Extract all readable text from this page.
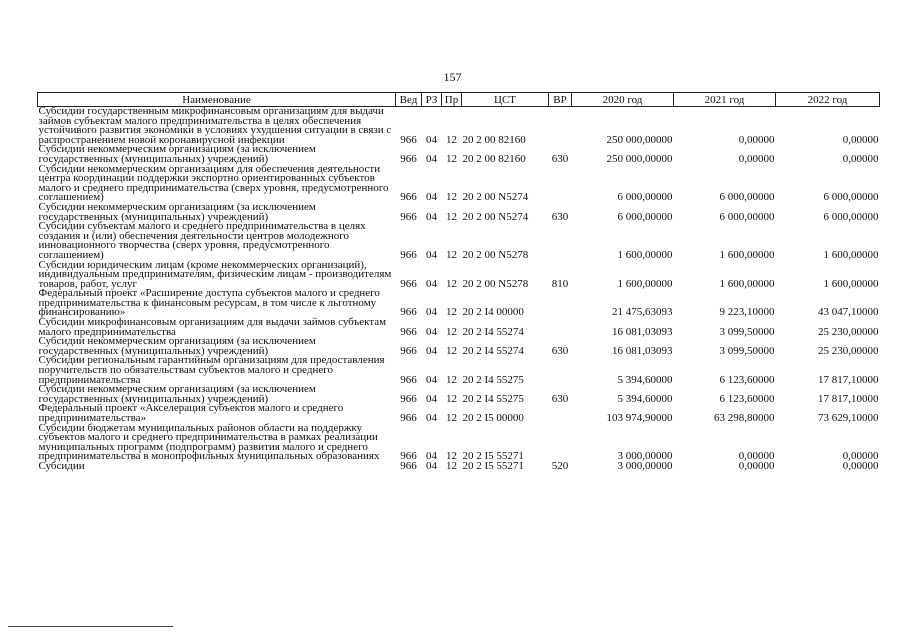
157
Наименование	Вед	РЗ	Пр	ЦСТ	ВР	2020 год	2021 год	2022 год
Субсидии государственным микрофинансовым организациям для выдачи займов субъектам малого предпринимательства в целях обеспечения устойчивого развития экономики в условиях ухудшения ситуации в связи с распространением новой коронавирусной инфекции	966	04	12	20 2 00 82160		250 000,00000	0,00000	0,00000
Субсидии некоммерческим организациям (за исключением государственных (муниципальных) учреждений)	966	04	12	20 2 00 82160	630	250 000,00000	0,00000	0,00000
Субсидии некоммерческим организациям для обеспечения деятельности центра координации поддержки экспортно ориентированных субъектов малого и среднего предпринимательства (сверх уровня, предусмотренного соглашением)	966	04	12	20 2 00 N5274		6 000,00000	6 000,00000	6 000,00000
Субсидии некоммерческим организациям (за исключением государственных (муниципальных) учреждений)	966	04	12	20 2 00 N5274	630	6 000,00000	6 000,00000	6 000,00000
Субсидии субъектам малого и среднего предпринимательства в целях создания и (или) обеспечения деятельности центров молодежного инновационного творчества (сверх уровня, предусмотренного соглашением)	966	04	12	20 2 00 N5278		1 600,00000	1 600,00000	1 600,00000
Субсидии юридическим лицам (кроме некоммерческих организаций), индивидуальным предпринимателям, физическим лицам - производителям товаров, работ, услуг	966	04	12	20 2 00 N5278	810	1 600,00000	1 600,00000	1 600,00000
Федеральный проект «Расширение доступа субъектов малого и среднего предпринимательства к финансовым ресурсам, в том числе к льготному финансированию»	966	04	12	20 2 I4 00000		21 475,63093	9 223,10000	43 047,10000
Субсидии микрофинансовым организациям для выдачи займов субъектам малого предпринимательства	966	04	12	20 2 I4 55274		16 081,03093	3 099,50000	25 230,00000
Субсидии некоммерческим организациям (за исключением государственных (муниципальных) учреждений)	966	04	12	20 2 I4 55274	630	16 081,03093	3 099,50000	25 230,00000
Субсидии региональным гарантийным организациям для предоставления поручительств по обязательствам субъектов малого и среднего предпринимательства	966	04	12	20 2 I4 55275		5 394,60000	6 123,60000	17 817,10000
Субсидии некоммерческим организациям (за исключением государственных (муниципальных) учреждений)	966	04	12	20 2 I4 55275	630	5 394,60000	6 123,60000	17 817,10000
Федеральный проект «Акселерация субъектов малого и среднего предпринимательства»	966	04	12	20 2 I5 00000		103 974,90000	63 298,80000	73 629,10000
Субсидии бюджетам муниципальных районов области на поддержку субъектов малого и среднего предпринимательства в рамках реализации муниципальных программ (подпрограмм) развития малого и среднего предпринимательства в монопрофильных муниципальных образованиях	966	04	12	20 2 I5 55271		3 000,00000	0,00000	0,00000
Субсидии	966	04	12	20 2 I5 55271	520	3 000,00000	0,00000	0,00000
